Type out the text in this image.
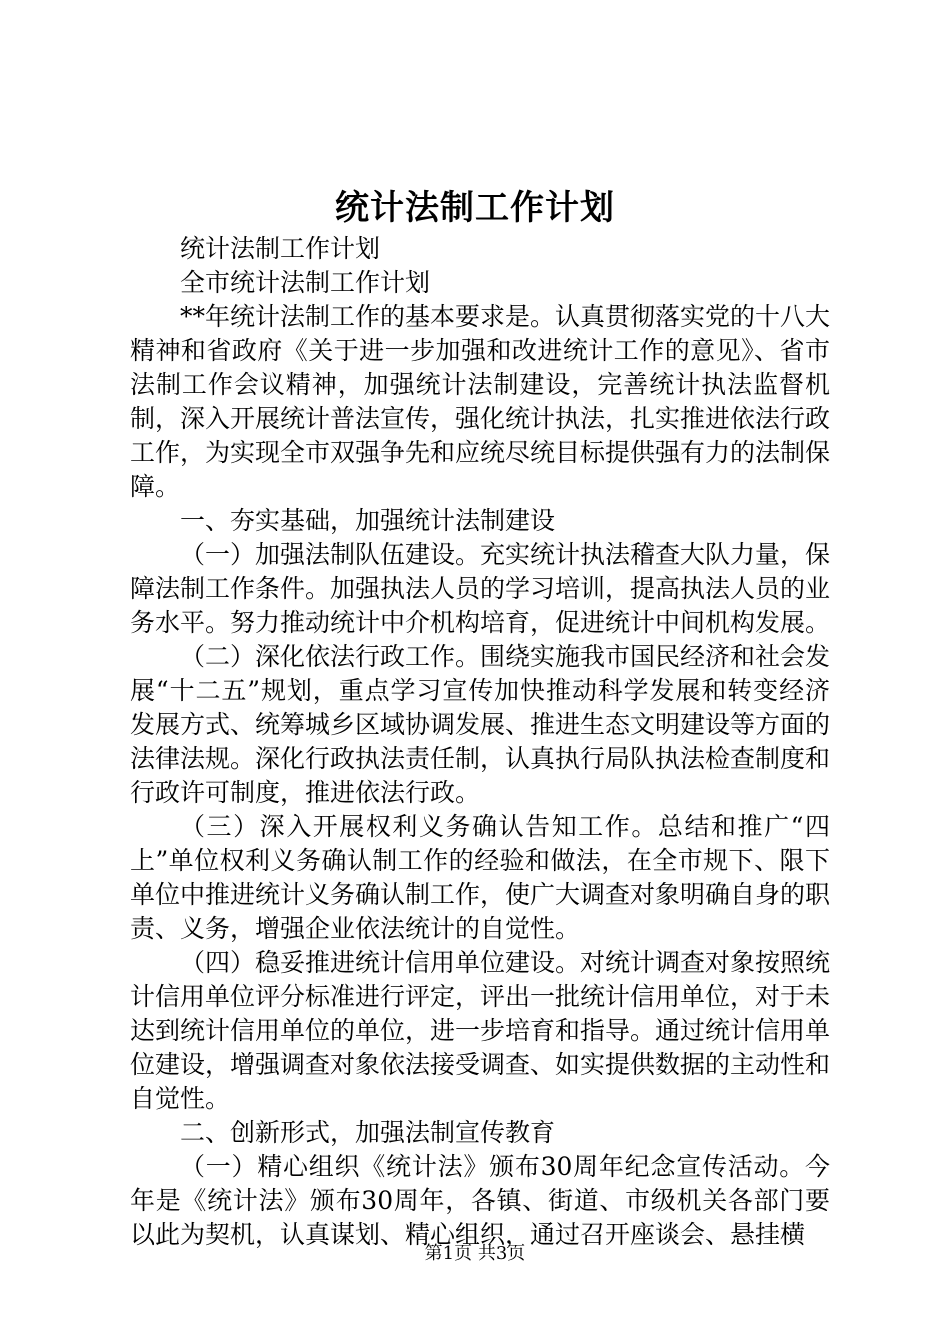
统计法制工作计划

统计法制工作计划

全市统计法制工作计划

**年统计法制工作的基本要求是。认真贯彻落实党的十八大精神和省政府《关于进一步加强和改进统计工作的意见》、省市法制工作会议精神，加强统计法制建设，完善统计执法监督机制，深入开展统计普法宣传，强化统计执法，扎实推进依法行政工作，为实现全市双强争先和应统尽统目标提供强有力的法制保障。

一、夯实基础，加强统计法制建设

（一）加强法制队伍建设。充实统计执法稽查大队力量，保障法制工作条件。加强执法人员的学习培训，提高执法人员的业务水平。努力推动统计中介机构培育，促进统计中间机构发展。

（二）深化依法行政工作。围绕实施我市国民经济和社会发展“十二五”规划，重点学习宣传加快推动科学发展和转变经济发展方式、统筹城乡区域协调发展、推进生态文明建设等方面的法律法规。深化行政执法责任制，认真执行局队执法检查制度和行政许可制度，推进依法行政。

（三）深入开展权利义务确认告知工作。总结和推广“四上”单位权利义务确认制工作的经验和做法，在全市规下、限下单位中推进统计义务确认制工作，使广大调查对象明确自身的职责、义务，增强企业依法统计的自觉性。

（四）稳妥推进统计信用单位建设。对统计调查对象按照统计信用单位评分标准进行评定，评出一批统计信用单位，对于未达到统计信用单位的单位，进一步培育和指导。通过统计信用单位建设，增强调查对象依法接受调查、如实提供数据的主动性和自觉性。

二、创新形式，加强法制宣传教育

（一）精心组织《统计法》颁布30周年纪念宣传活动。今年是《统计法》颁布30周年，各镇、街道、市级机关各部门要以此为契机，认真谋划、精心组织，通过召开座谈会、悬挂横

第1页 共3页
